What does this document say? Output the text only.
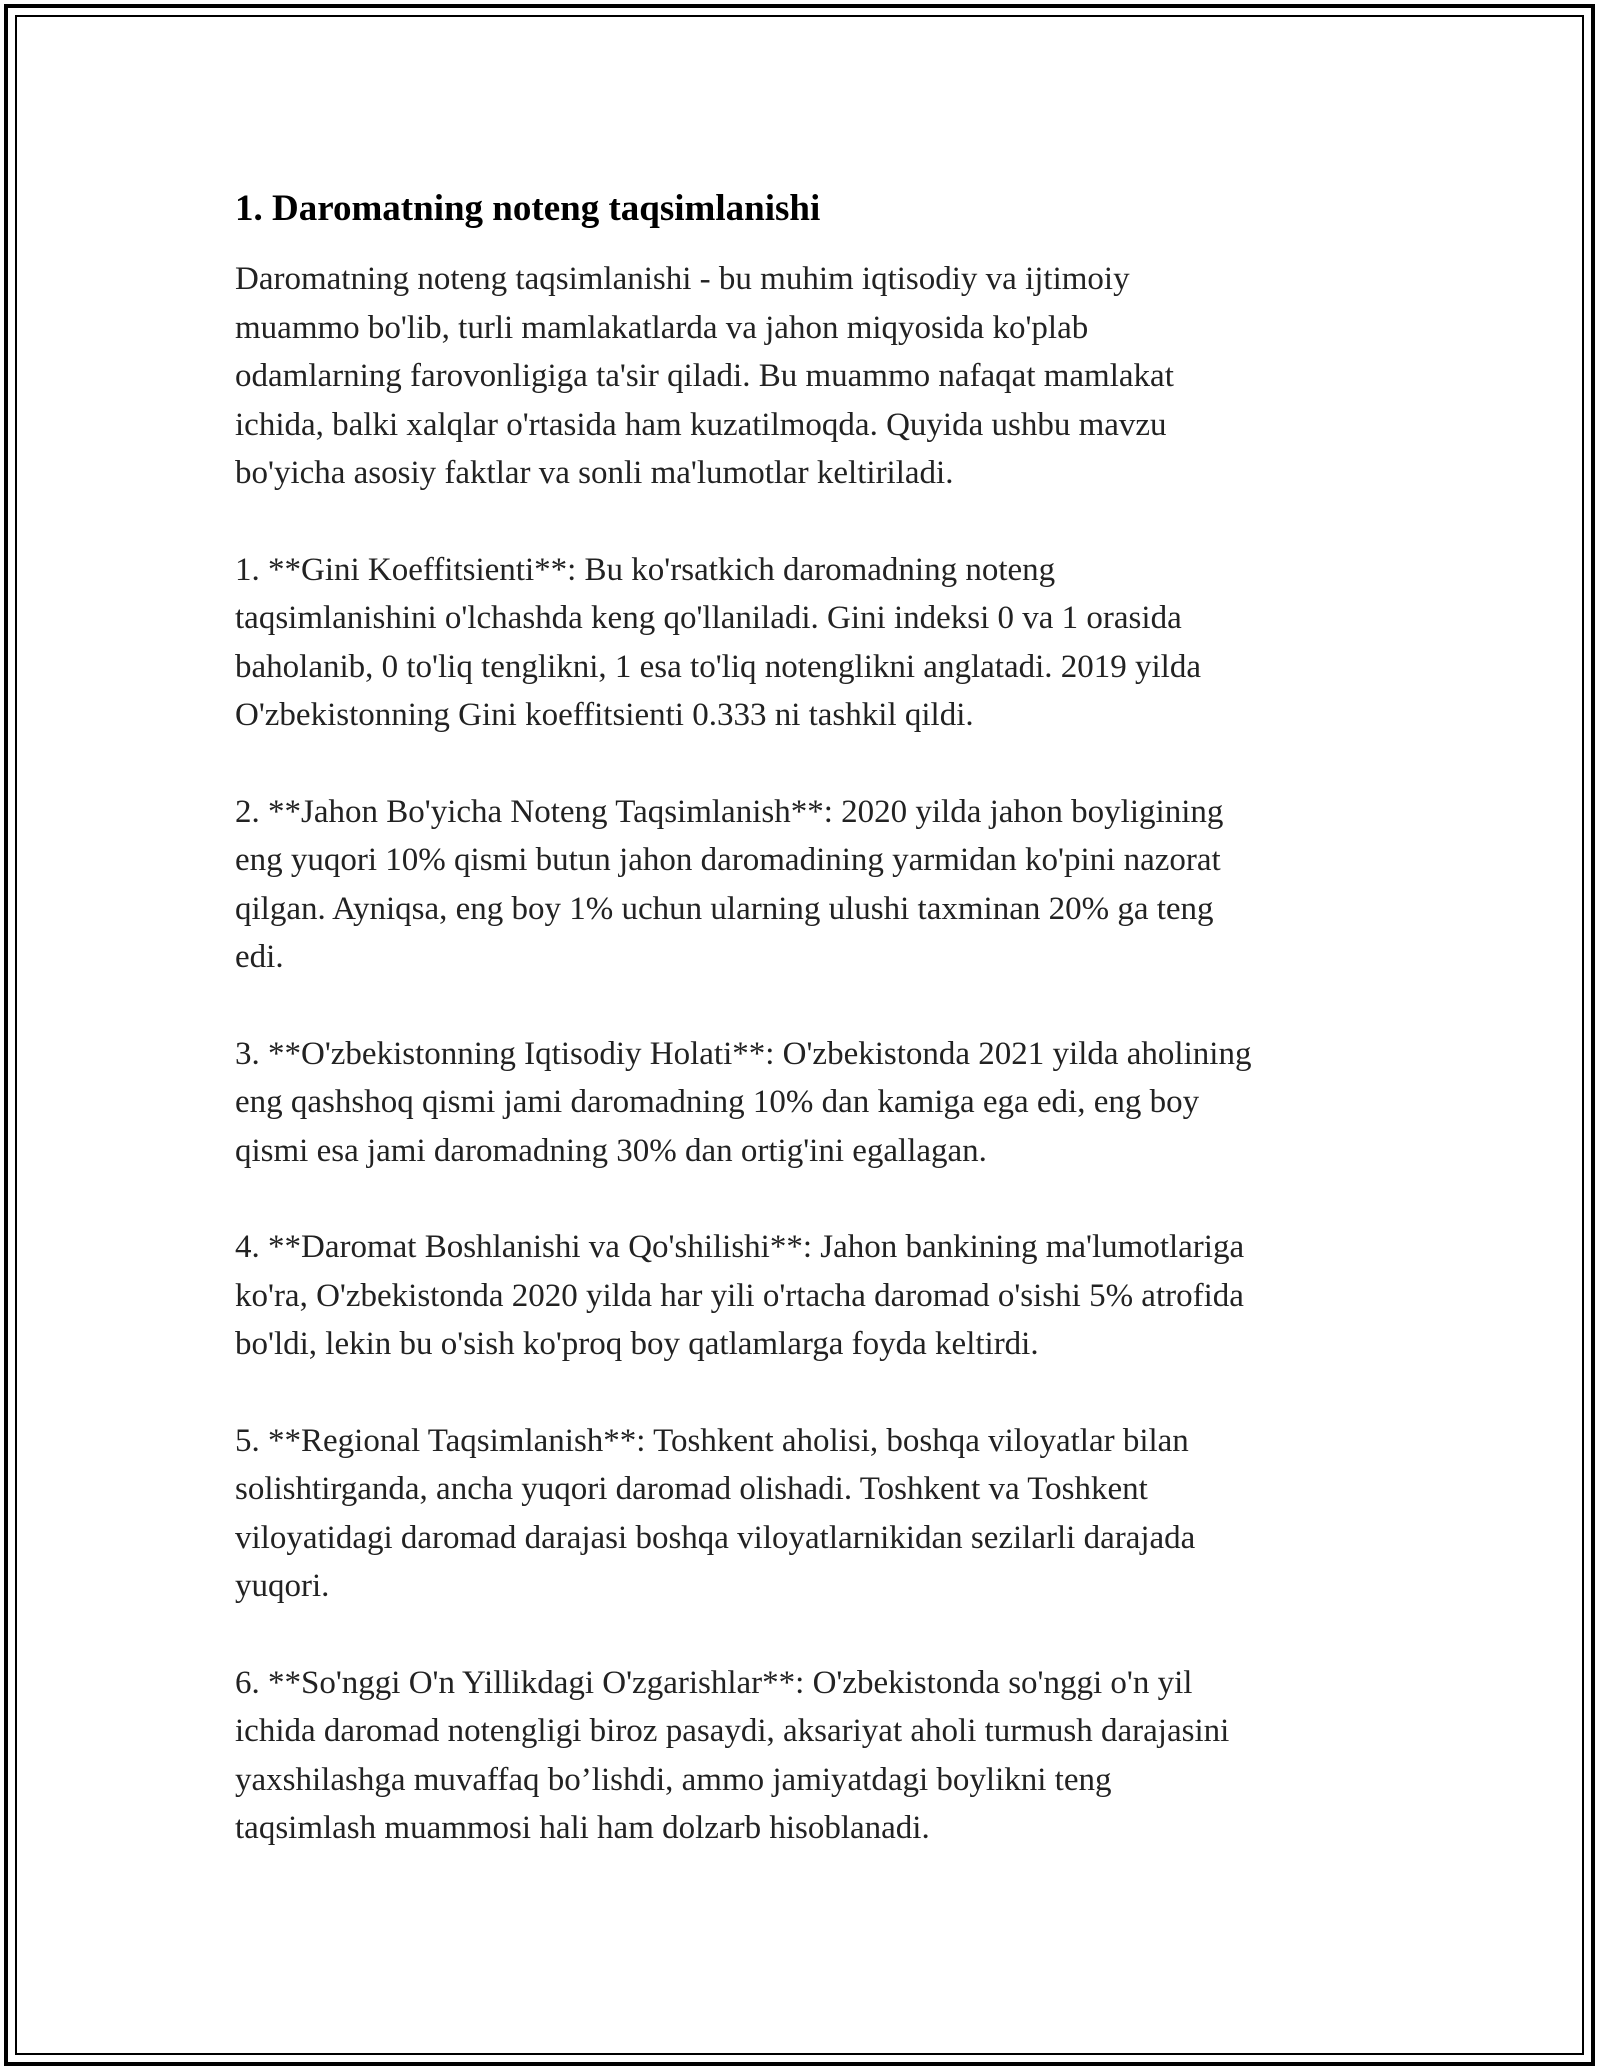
1. Daromatning noteng taqsimlanishi

Daromatning noteng taqsimlanishi - bu muhim iqtisodiy va ijtimoiy
muammo bo'lib, turli mamlakatlarda va jahon miqyosida ko'plab
odamlarning farovonligiga ta'sir qiladi. Bu muammo nafaqat mamlakat
ichida, balki xalqlar o'rtasida ham kuzatilmoqda. Quyida ushbu mavzu
bo'yicha asosiy faktlar va sonli ma'lumotlar keltiriladi.

1. **Gini Koeffitsienti**: Bu ko'rsatkich daromadning noteng
taqsimlanishini o'lchashda keng qo'llaniladi. Gini indeksi 0 va 1 orasida
baholanib, 0 to'liq tenglikni, 1 esa to'liq notenglikni anglatadi. 2019 yilda
O'zbekistonning Gini koeffitsienti 0.333 ni tashkil qildi.

2. **Jahon Bo'yicha Noteng Taqsimlanish**: 2020 yilda jahon boyligining
eng yuqori 10% qismi butun jahon daromadining yarmidan ko'pini nazorat
qilgan. Ayniqsa, eng boy 1% uchun ularning ulushi taxminan 20% ga teng
edi.

3. **O'zbekistonning Iqtisodiy Holati**: O'zbekistonda 2021 yilda aholining
eng qashshoq qismi jami daromadning 10% dan kamiga ega edi, eng boy
qismi esa jami daromadning 30% dan ortig'ini egallagan.

4. **Daromat Boshlanishi va Qo'shilishi**: Jahon bankining ma'lumotlariga
ko'ra, O'zbekistonda 2020 yilda har yili o'rtacha daromad o'sishi 5% atrofida
bo'ldi, lekin bu o'sish ko'proq boy qatlamlarga foyda keltirdi.

5. **Regional Taqsimlanish**: Toshkent aholisi, boshqa viloyatlar bilan
solishtirganda, ancha yuqori daromad olishadi. Toshkent va Toshkent
viloyatidagi daromad darajasi boshqa viloyatlarnikidan sezilarli darajada
yuqori.

6. **So'nggi O'n Yillikdagi O'zgarishlar**: O'zbekistonda so'nggi o'n yil
ichida daromad notengligi biroz pasaydi, aksariyat aholi turmush darajasini
yaxshilashga muvaffaq bo’lishdi, ammo jamiyatdagi boylikni teng
taqsimlash muammosi hali ham dolzarb hisoblanadi.
